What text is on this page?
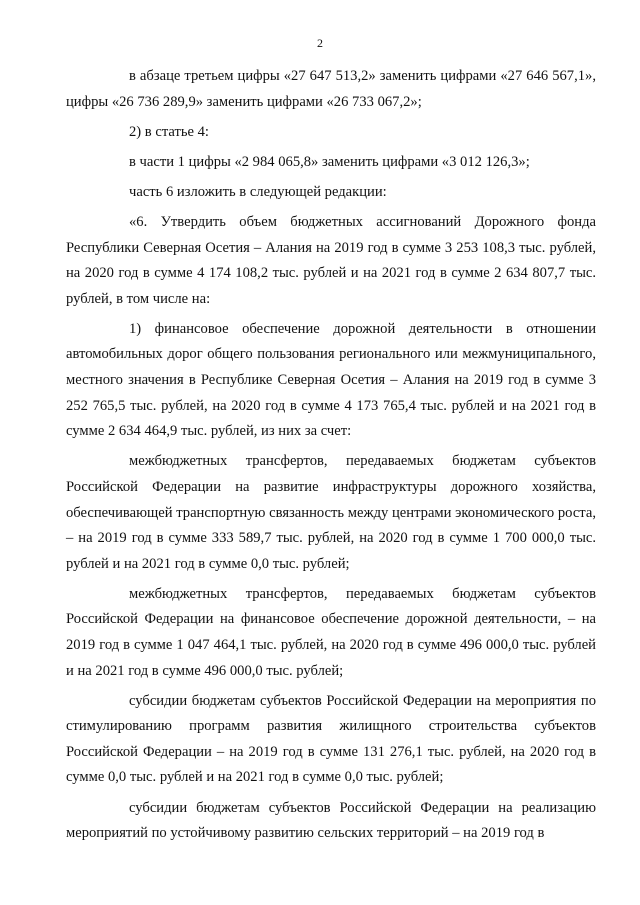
2

в абзаце третьем цифры «27 647 513,2» заменить цифрами «27 646 567,1», цифры «26 736 289,9» заменить цифрами «26 733 067,2»;

2) в статье 4:

в части 1 цифры «2 984 065,8» заменить цифрами «3 012 126,3»;

часть 6 изложить в следующей редакции:

«6. Утвердить объем бюджетных ассигнований Дорожного фонда Республики Северная Осетия – Алания на 2019 год в сумме 3 253 108,3 тыс. рублей, на 2020 год в сумме 4 174 108,2 тыс. рублей и на 2021 год в сумме 2 634 807,7 тыс. рублей, в том числе на:

1) финансовое обеспечение дорожной деятельности в отношении автомобильных дорог общего пользования регионального или межмуниципального, местного значения в Республике Северная Осетия – Алания на 2019 год в сумме 3 252 765,5 тыс. рублей, на 2020 год в сумме 4 173 765,4 тыс. рублей и на 2021 год в сумме 2 634 464,9 тыс. рублей, из них за счет:

межбюджетных трансфертов, передаваемых бюджетам субъектов Российской Федерации на развитие инфраструктуры дорожного хозяйства, обеспечивающей транспортную связанность между центрами экономического роста, – на 2019 год в сумме 333 589,7 тыс. рублей, на 2020 год в сумме 1 700 000,0 тыс. рублей и на 2021 год в сумме 0,0 тыс. рублей;

межбюджетных трансфертов, передаваемых бюджетам субъектов Российской Федерации на финансовое обеспечение дорожной деятельности, – на 2019 год в сумме 1 047 464,1 тыс. рублей, на 2020 год в сумме 496 000,0 тыс. рублей и на 2021 год в сумме 496 000,0 тыс. рублей;

субсидии бюджетам субъектов Российской Федерации на мероприятия по стимулированию программ развития жилищного строительства субъектов Российской Федерации – на 2019 год в сумме 131 276,1 тыс. рублей, на 2020 год в сумме 0,0 тыс. рублей и на 2021 год в сумме 0,0 тыс. рублей;

субсидии бюджетам субъектов Российской Федерации на реализацию мероприятий по устойчивому развитию сельских территорий – на 2019 год в
